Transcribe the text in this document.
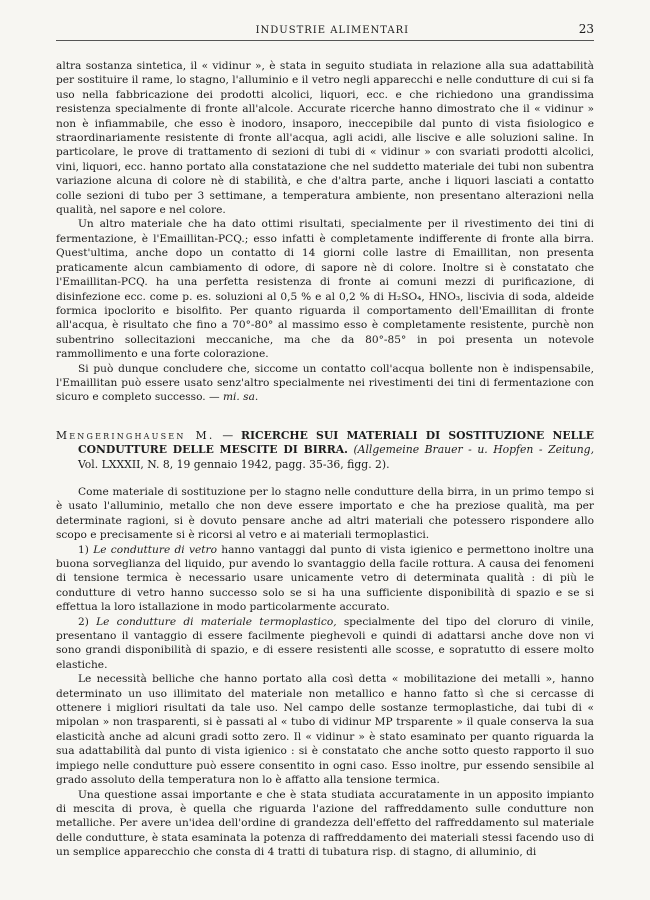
INDUSTRIE ALIMENTARI	23

altra sostanza sintetica, il « vidinur », è stata in seguito studiata in relazione alla sua adattabilità per sostituire il rame, lo stagno, l'alluminio e il vetro negli apparecchi e nelle condutture di cui si fa uso nella fabbricazione dei prodotti alcolici, liquori, ecc. e che richiedono una grandissima resistenza specialmente di fronte all'alcole. Accurate ricerche hanno dimostrato che il « vidinur » non è infiammabile, che esso è inodoro, insaporo, ineccepibile dal punto di vista fisiologico e straordinariamente resistente di fronte all'acqua, agli acidi, alle liscive e alle soluzioni saline. In particolare, le prove di trattamento di sezioni di tubi di « vidinur » con svariati prodotti alcolici, vini, liquori, ecc. hanno portato alla constatazione che nel suddetto materiale dei tubi non subentra variazione alcuna di colore nè di stabilità, e che d'altra parte, anche i liquori lasciati a contatto colle sezioni di tubo per 3 settimane, a temperatura ambiente, non presentano alterazioni nella qualità, nel sapore e nel colore.

Un altro materiale che ha dato ottimi risultati, specialmente per il rivestimento dei tini di fermentazione, è l'Emaillitan-PCQ.; esso infatti è completamente indifferente di fronte alla birra. Quest'ultima, anche dopo un contatto di 14 giorni colle lastre di Emaillitan, non presenta praticamente alcun cambiamento di odore, di sapore nè di colore. Inoltre si è constatato che l'Emaillitan-PCQ. ha una perfetta resistenza di fronte ai comuni mezzi di purificazione, di disinfezione ecc. come p. es. soluzioni al 0,5 % e al 0,2 % di H₂SO₄, HNO₃, liscivia di soda, aldeide formica ipoclorito e bisolfito. Per quanto riguarda il comportamento dell'Emaillitan di fronte all'acqua, è risultato che fino a 70°-80° al massimo esso è completamente resistente, purchè non subentrino sollecitazioni meccaniche, ma che da 80°-85° in poi presenta un notevole rammollimento e una forte colorazione.

Si può dunque concludere che, siccome un contatto coll'acqua bollente non è indispensabile, l'Emaillitan può essere usato senz'altro specialmente nei rivestimenti dei tini di fermentazione con sicuro e completo successo. — mi. sa.

Mengeringhausen M. — RICERCHE SUI MATERIALI DI SOSTITUZIONE NELLE CONDUTTURE DELLE MESCITE DI BIRRA. (Allgemeine Brauer - u. Hopfen - Zeitung, Vol. LXXXII, N. 8, 19 gennaio 1942, pagg. 35-36, figg. 2).

Come materiale di sostituzione per lo stagno nelle condutture della birra, in un primo tempo si è usato l'alluminio, metallo che non deve essere importato e che ha preziose qualità, ma per determinate ragioni, si è dovuto pensare anche ad altri materiali che potessero rispondere allo scopo e precisamente si è ricorsi al vetro e ai materiali termoplastici.

1) Le condutture di vetro hanno vantaggi dal punto di vista igienico e permettono inoltre una buona sorveglianza del liquido, pur avendo lo svantaggio della facile rottura. A causa dei fenomeni di tensione termica è necessario usare unicamente vetro di determinata qualità : di più le condutture di vetro hanno successo solo se si ha una sufficiente disponibilità di spazio e se si effettua la loro istallazione in modo particolarmente accurato.

2) Le condutture di materiale termoplastico, specialmente del tipo del cloruro di vinile, presentano il vantaggio di essere facilmente pieghevoli e quindi di adattarsi anche dove non vi sono grandi disponibilità di spazio, e di essere resistenti alle scosse, e sopratutto di essere molto elastiche.

Le necessità belliche che hanno portato alla così detta « mobilitazione dei metalli », hanno determinato un uso illimitato del materiale non metallico e hanno fatto sì che si cercasse di ottenere i migliori risultati da tale uso. Nel campo delle sostanze termoplastiche, dai tubi di « mipolan » non trasparenti, si è passati al « tubo di vidinur MP trsparente » il quale conserva la sua elasticità anche ad alcuni gradi sotto zero. Il « vidinur » è stato esaminato per quanto riguarda la sua adattabilità dal punto di vista igienico : si è constatato che anche sotto questo rapporto il suo impiego nelle condutture può essere consentito in ogni caso. Esso inoltre, pur essendo sensibile al grado assoluto della temperatura non lo è affatto alla tensione termica.

Una questione assai importante e che è stata studiata accuratamente in un apposito impianto di mescita di prova, è quella che riguarda l'azione del raffreddamento sulle condutture non metalliche. Per avere un'idea dell'ordine di grandezza dell'effetto del raffreddamento sul materiale delle condutture, è stata esaminata la potenza di raffreddamento dei materiali stessi facendo uso di un semplice apparecchio che consta di 4 tratti di tubatura risp. di stagno, di alluminio, di
